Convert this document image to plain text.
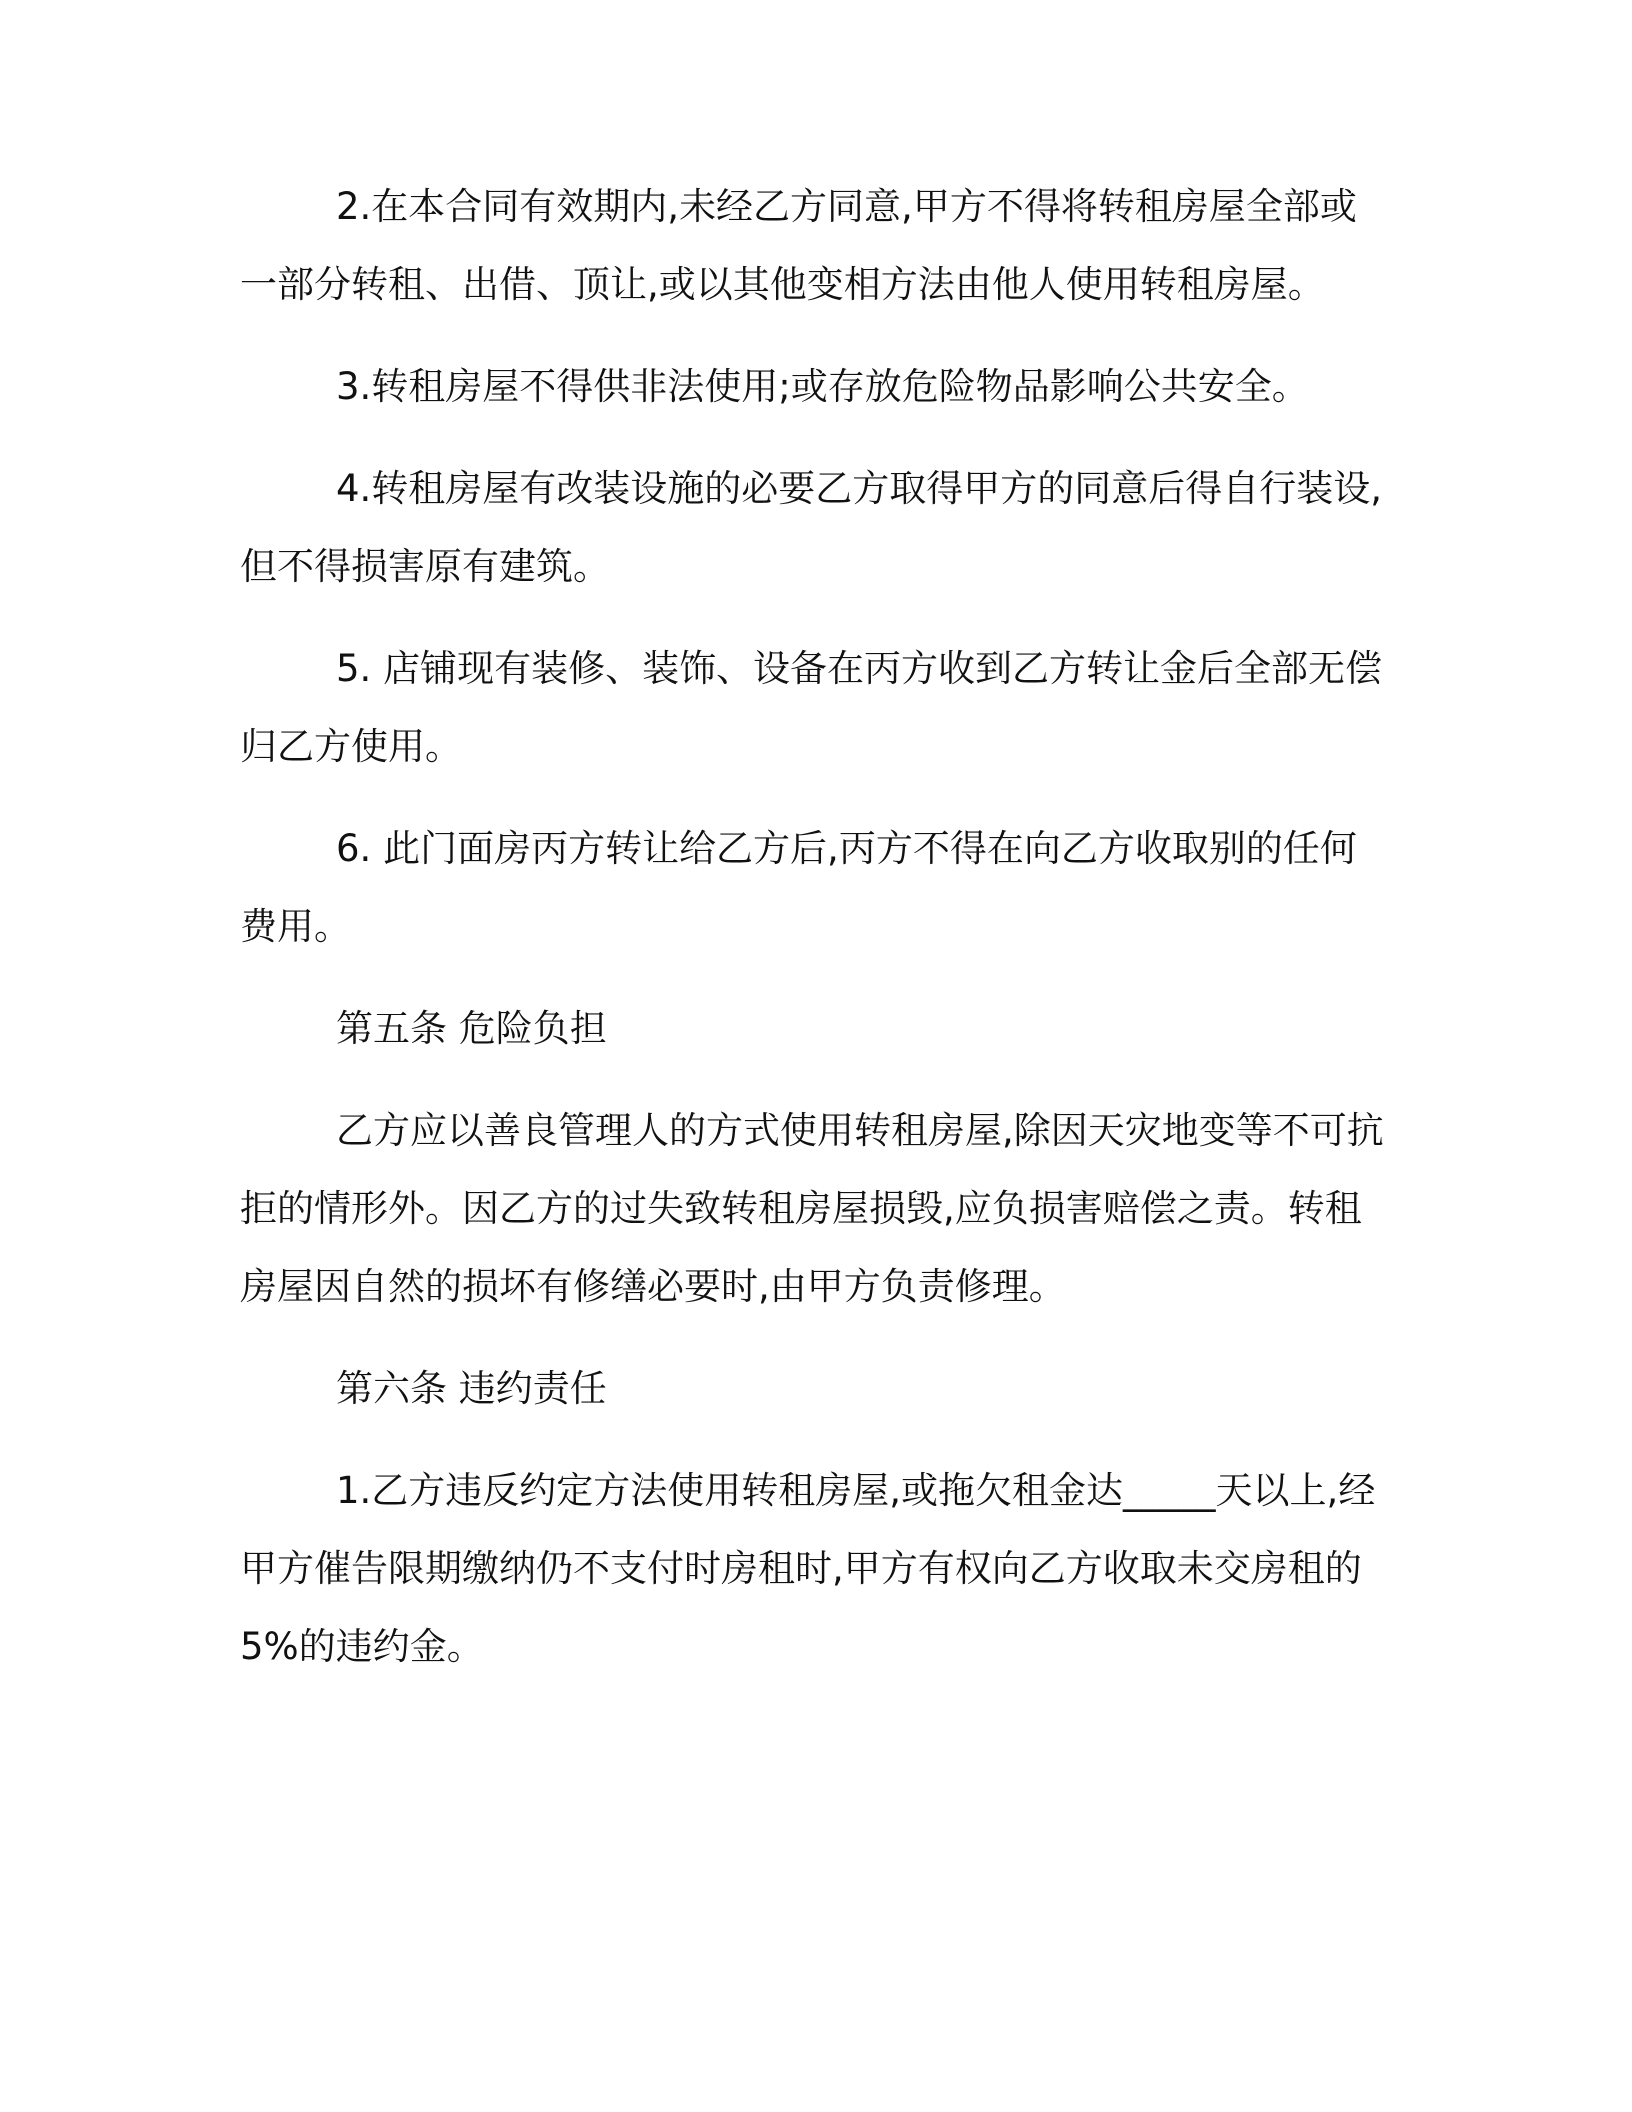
2.在本合同有效期内,未经乙方同意,甲方不得将转租房屋全部或一部分转租、出借、顶让,或以其他变相方法由他人使用转租房屋。

3.转租房屋不得供非法使用;或存放危险物品影响公共安全。

4.转租房屋有改装设施的必要乙方取得甲方的同意后得自行装设,但不得损害原有建筑。

5. 店铺现有装修、装饰、设备在丙方收到乙方转让金后全部无偿归乙方使用。

6. 此门面房丙方转让给乙方后,丙方不得在向乙方收取别的任何费用。

第五条 危险负担

乙方应以善良管理人的方式使用转租房屋,除因天灾地变等不可抗拒的情形外。因乙方的过失致转租房屋损毁,应负损害赔偿之责。转租房屋因自然的损坏有修缮必要时,由甲方负责修理。

第六条 违约责任

1.乙方违反约定方法使用转租房屋,或拖欠租金达_____天以上,经甲方催告限期缴纳仍不支付时房租时,甲方有权向乙方收取未交房租的 5%的违约金。
